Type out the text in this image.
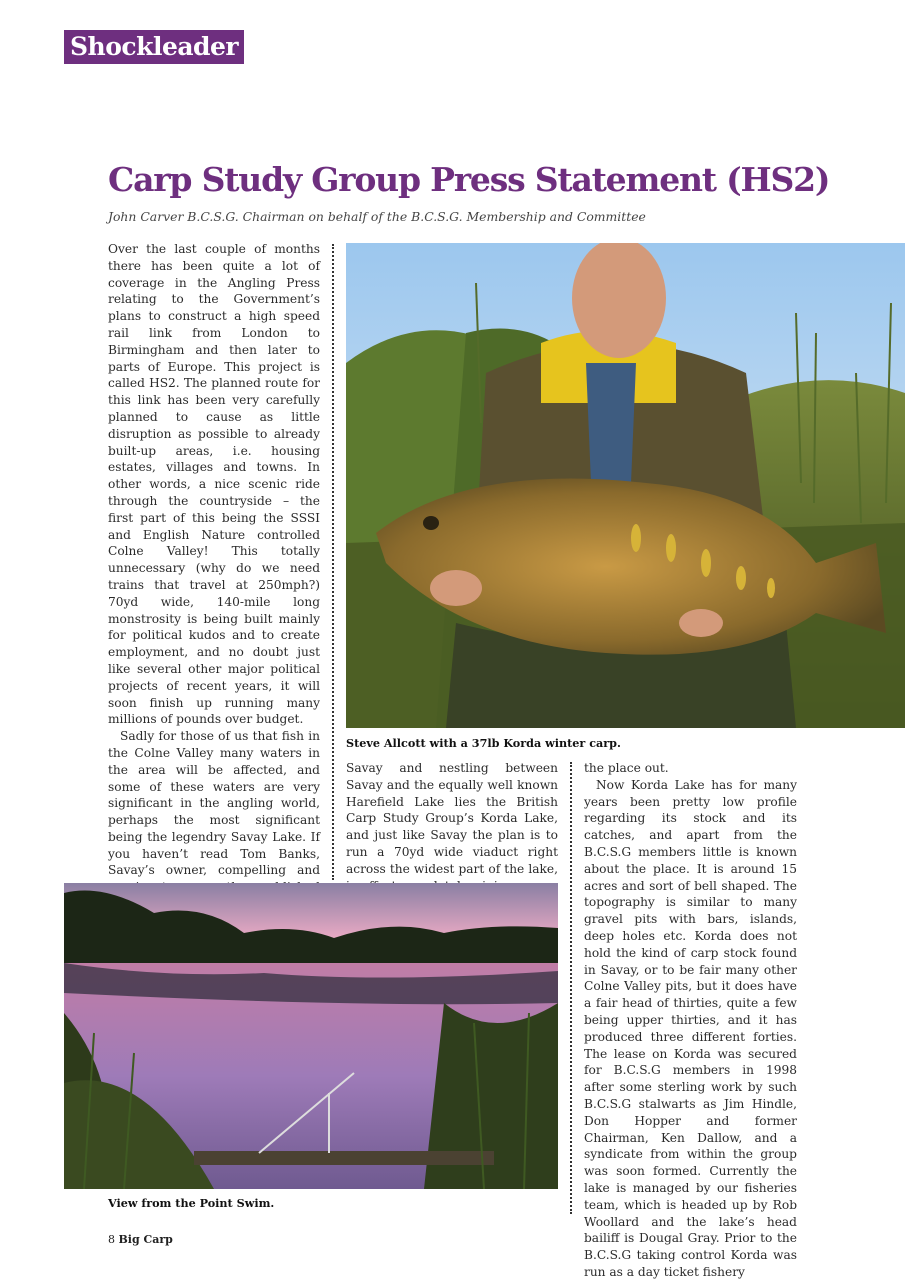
Shockleader
Carp Study Group Press Statement (HS2)
John Carver B.C.S.G. Chairman on behalf of the B.C.S.G. Membership and Committee

Over the last couple of months there has been quite a lot of coverage in the Angling Press relating to the Government’s plans to construct a high speed rail link from London to Birmingham and then later to parts of Europe. This project is called HS2. The planned route for this link has been very carefully planned to cause as little disruption as possible to already built-up areas, i.e. housing estates, villages and towns. In other words, a nice scenic ride through the countryside – the first part of this being the SSSI and English Nature controlled Colne Valley! This totally unnecessary (why do we need trains that travel at 250mph?) 70yd wide, 140-mile long monstrosity is being built mainly for political kudos and to create employment, and no doubt just like several other major political projects of recent years, it will soon finish up running many millions of pounds over budget.

Sadly for those of us that fish in the Colne Valley many waters in the area will be affected, and some of these waters are very significant in the angling world, perhaps the most significant being the legendry Savay Lake. If you haven’t read Tom Banks, Savay’s owner, compelling and

Steve Allcott with a 37lb Korda winter carp.

Savay and nestling between Savay and the equally well known Harefield Lake lies the British Carp Study Group’s Korda Lake, and just like Savay the plan is to run a 70yd wide viaduct right across the widest part of the lake,

the place out.

Now Korda Lake has for many years been pretty low profile regarding its stock and its catches, and apart from the B.C.S.G members little is known about the place. It is around 15 acres and sort of bell shaped. The topography is similar to many gravel pits with bars, islands, deep holes etc. Korda does not hold the kind of carp stock found in Savay, or to be fair many other Colne Valley pits, but it does have a fair head of thirties, quite a few being upper thirties, and it has produced three different forties. The lease on Korda was secured for B.C.S.G members in 1998 after some sterling work by such B.C.S.G stalwarts as Jim Hindle, Don Hopper and former Chairman, Ken Dallow, and a syndicate from within the group was soon formed. Currently the lake is managed by our fisheries team, which is headed up by Rob Woollard and the lake’s head bailiff is Dougal Gray. Prior to the B.C.S.G taking control Korda was run as a day ticket fishery

View from the Point Swim.
8 Big Carp
